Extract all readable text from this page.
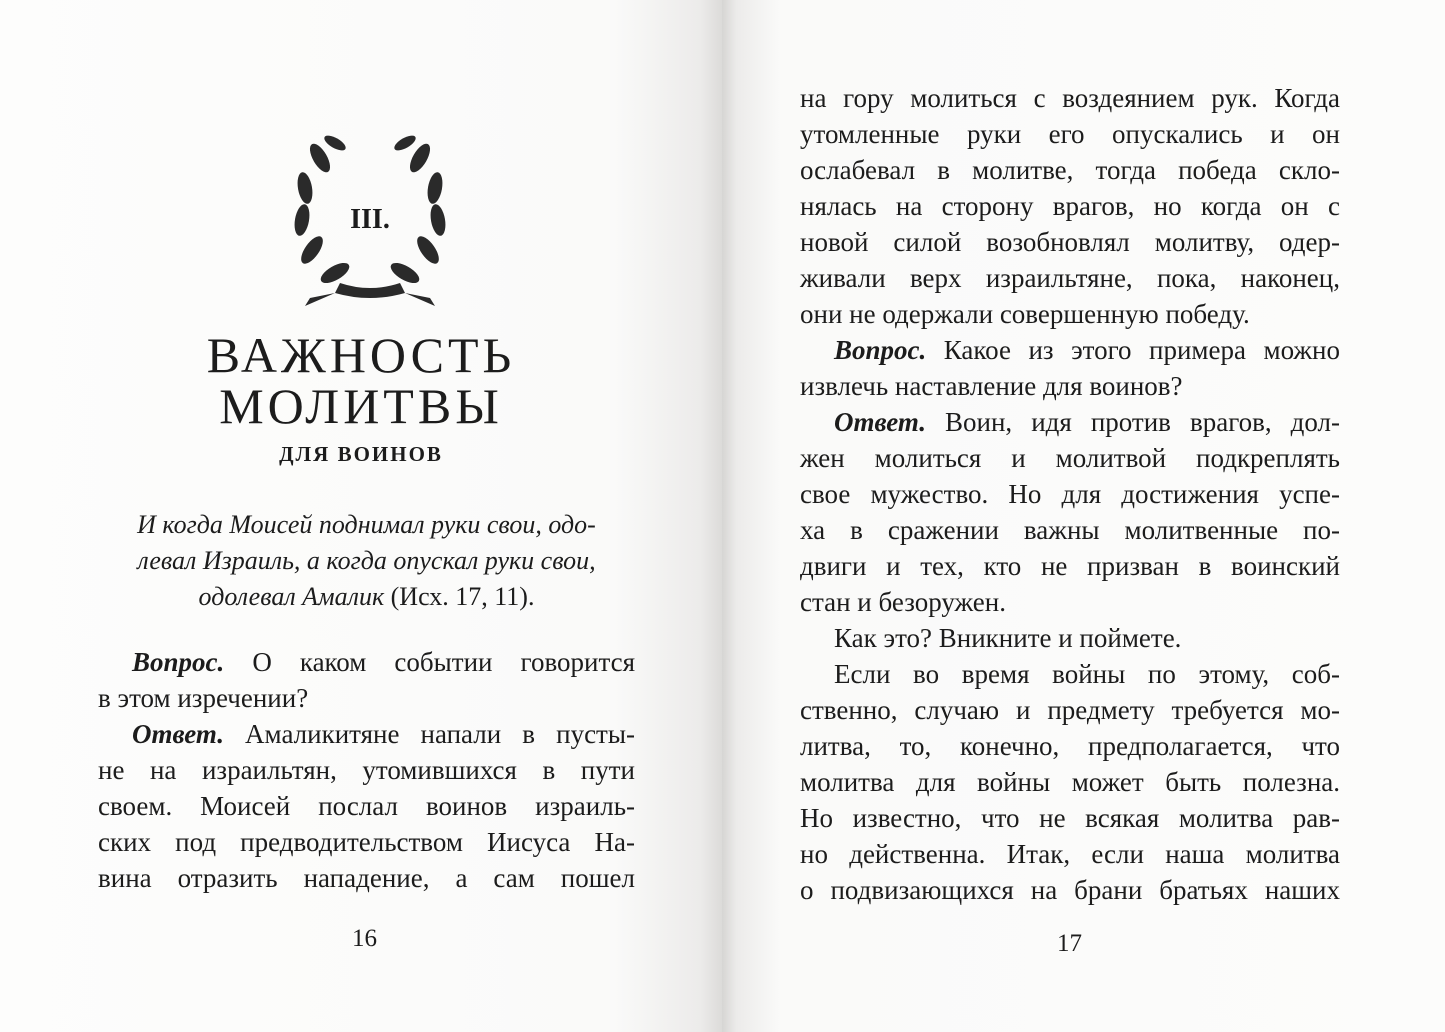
III.
ВАЖНОСТЬ
МОЛИТВЫ
ДЛЯ ВОИНОВ
И когда Моисей поднимал руки свои, одо-
левал Израиль, а когда опускал руки свои,
одолевал Амалик (Исх. 17, 11).
Вопрос. О каком событии говорится
в этом изречении?
Ответ. Амаликитяне напали в пусты-
не на израильтян, утомившихся в пути
своем. Моисей послал воинов израиль-
ских под предводительством Иисуса На-
вина отразить нападение, а сам пошел
16
на гору молиться с воздеянием рук. Когда
утомленные руки его опускались и он
ослабевал в молитве, тогда победа скло-
нялась на сторону врагов, но когда он с
новой силой возобновлял молитву, одер-
живали верх израильтяне, пока, наконец,
они не одержали совершенную победу.
Вопрос. Какое из этого примера можно
извлечь наставление для воинов?
Ответ. Воин, идя против врагов, дол-
жен молиться и молитвой подкреплять
свое мужество. Но для достижения успе-
ха в сражении важны молитвенные по-
двиги и тех, кто не призван в воинский
стан и безоружен.
Как это? Вникните и поймете.
Если во время войны по этому, соб-
ственно, случаю и предмету требуется мо-
литва, то, конечно, предполагается, что
молитва для войны может быть полезна.
Но известно, что не всякая молитва рав-
но действенна. Итак, если наша молитва
о подвизающихся на брани братьях наших
17
